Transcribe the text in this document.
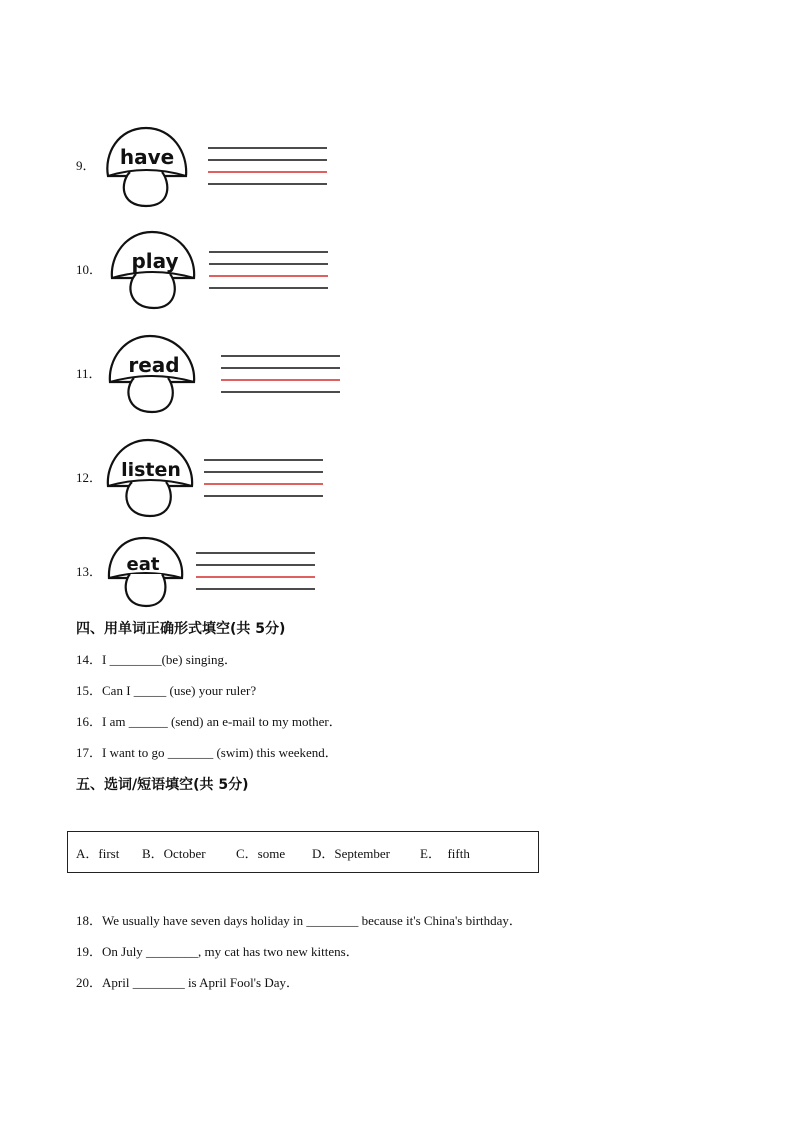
9． have
10． play
11． read
12． listen
13． eat
四、用单词正确形式填空(共 5分)
14．I ________(be) singing．
15．Can I _____ (use) your ruler?
16．I am ______ (send) an e-mail to my mother．
17．I want to go _______ (swim) this weekend．
五、选词/短语填空(共 5分)
A．first B．October C．some D．September E．  fifth
18．We usually have seven days holiday in ________ because it's China's birthday．
19．On July ________, my cat has two new kittens．
20．April ________ is April Fool's Day．
